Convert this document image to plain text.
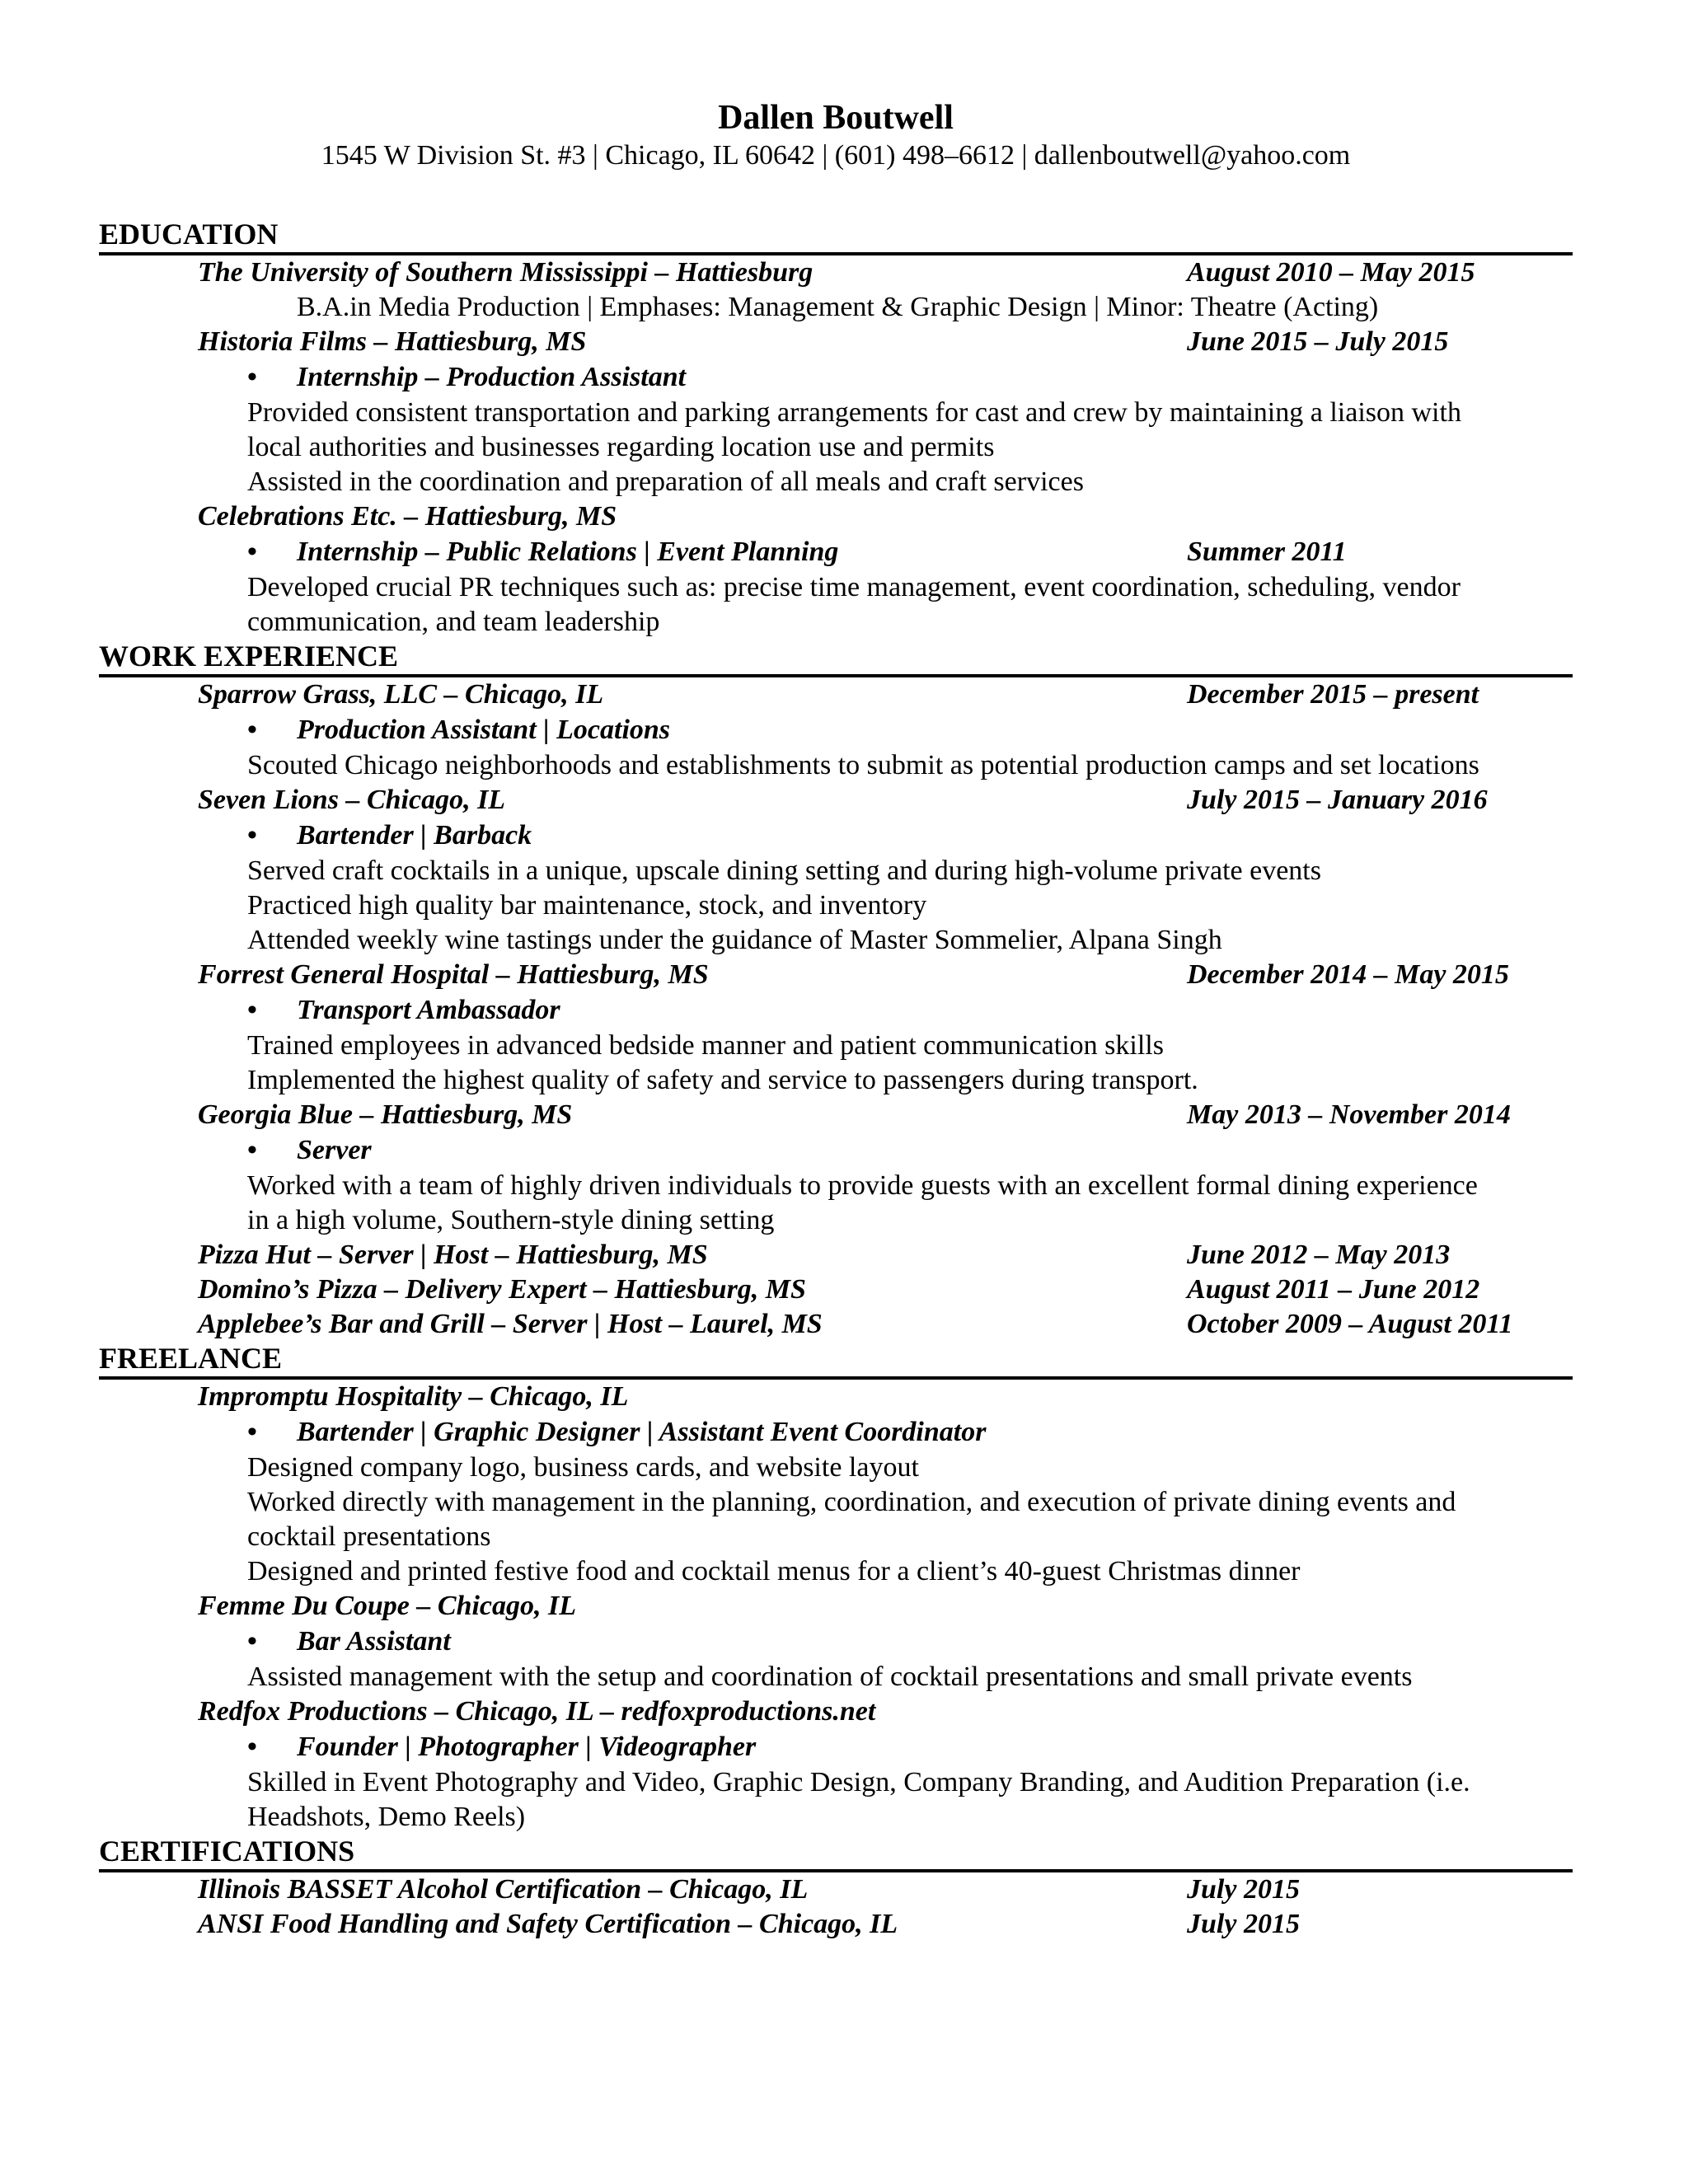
Dallen Boutwell
1545 W Division St. #3 | Chicago, IL 60642 | (601) 498–6612 | dallenboutwell@yahoo.com
EDUCATION
The University of Southern Mississippi – Hattiesburg	August 2010 – May 2015
B.A.in Media Production | Emphases: Management & Graphic Design | Minor: Theatre (Acting)
Historia Films – Hattiesburg, MS	June 2015 – July 2015
•	Internship – Production Assistant
Provided consistent transportation and parking arrangements for cast and crew by maintaining a liaison with
local authorities and businesses regarding location use and permits
Assisted in the coordination and preparation of all meals and craft services
Celebrations Etc. – Hattiesburg, MS
•	Internship – Public Relations | Event Planning	Summer 2011
Developed crucial PR techniques such as: precise time management, event coordination, scheduling, vendor
communication, and team leadership
WORK EXPERIENCE
Sparrow Grass, LLC – Chicago, IL	December 2015 – present
•	Production Assistant | Locations
Scouted Chicago neighborhoods and establishments to submit as potential production camps and set locations
Seven Lions – Chicago, IL	July 2015 – January 2016
•	Bartender | Barback
Served craft cocktails in a unique, upscale dining setting and during high-volume private events
Practiced high quality bar maintenance, stock, and inventory
Attended weekly wine tastings under the guidance of Master Sommelier, Alpana Singh
Forrest General Hospital – Hattiesburg, MS	December 2014 – May 2015
•	Transport Ambassador
Trained employees in advanced bedside manner and patient communication skills
Implemented the highest quality of safety and service to passengers during transport.
Georgia Blue – Hattiesburg, MS	May 2013 – November 2014
•	Server
Worked with a team of highly driven individuals to provide guests with an excellent formal dining experience
in a high volume, Southern-style dining setting
Pizza Hut – Server | Host – Hattiesburg, MS	June 2012 – May 2013
Domino’s Pizza – Delivery Expert – Hattiesburg, MS	August 2011 – June 2012
Applebee’s Bar and Grill – Server | Host – Laurel, MS	October 2009 – August 2011
FREELANCE
Impromptu Hospitality – Chicago, IL
•	Bartender | Graphic Designer | Assistant Event Coordinator
Designed company logo, business cards, and website layout
Worked directly with management in the planning, coordination, and execution of private dining events and
cocktail presentations
Designed and printed festive food and cocktail menus for a client’s 40-guest Christmas dinner
Femme Du Coupe – Chicago, IL
•	Bar Assistant
Assisted management with the setup and coordination of cocktail presentations and small private events
Redfox Productions – Chicago, IL – redfoxproductions.net
•	Founder | Photographer | Videographer
Skilled in Event Photography and Video, Graphic Design, Company Branding, and Audition Preparation (i.e.
Headshots, Demo Reels)
CERTIFICATIONS
Illinois BASSET Alcohol Certification – Chicago, IL	July 2015
ANSI Food Handling and Safety Certification – Chicago, IL	July 2015
